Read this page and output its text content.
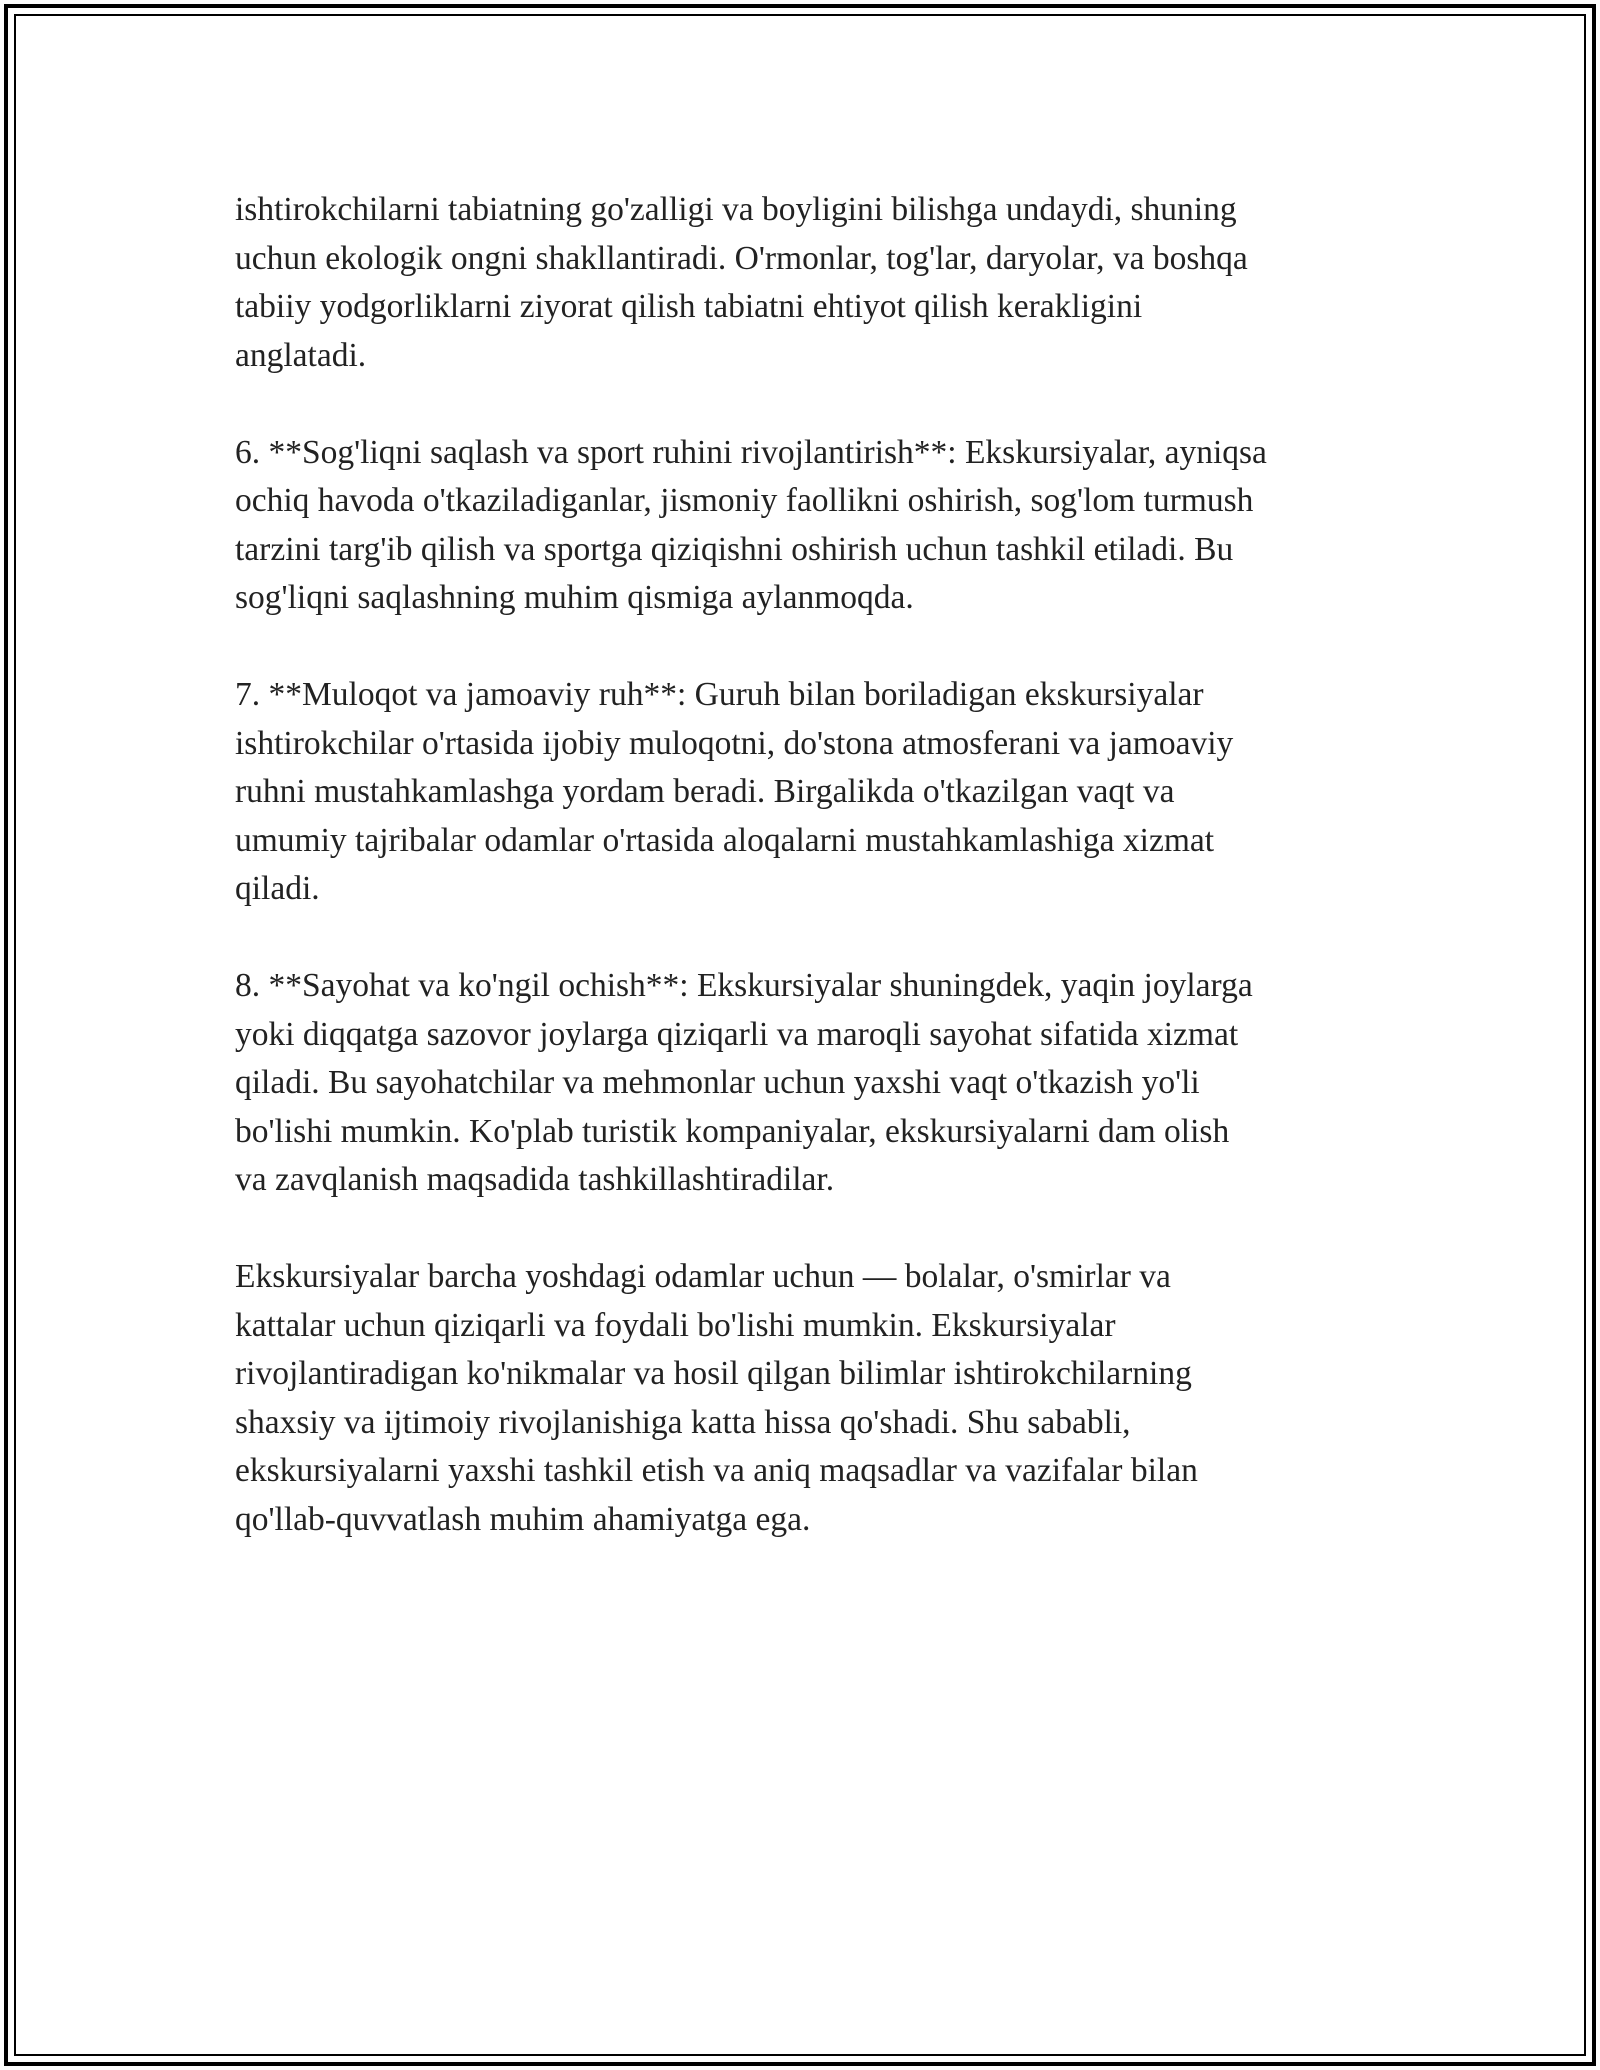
ishtirokchilarni tabiatning go'zalligi va boyligini bilishga undaydi, shuning
uchun ekologik ongni shakllantiradi. O'rmonlar, tog'lar, daryolar, va boshqa
tabiiy yodgorliklarni ziyorat qilish tabiatni ehtiyot qilish kerakligini
anglatadi.

6. **Sog'liqni saqlash va sport ruhini rivojlantirish**: Ekskursiyalar, ayniqsa
ochiq havoda o'tkaziladiganlar, jismoniy faollikni oshirish, sog'lom turmush
tarzini targ'ib qilish va sportga qiziqishni oshirish uchun tashkil etiladi. Bu
sog'liqni saqlashning muhim qismiga aylanmoqda.

7. **Muloqot va jamoaviy ruh**: Guruh bilan boriladigan ekskursiyalar
ishtirokchilar o'rtasida ijobiy muloqotni, do'stona atmosferani va jamoaviy
ruhni mustahkamlashga yordam beradi. Birgalikda o'tkazilgan vaqt va
umumiy tajribalar odamlar o'rtasida aloqalarni mustahkamlashiga xizmat
qiladi.

8. **Sayohat va ko'ngil ochish**: Ekskursiyalar shuningdek, yaqin joylarga
yoki diqqatga sazovor joylarga qiziqarli va maroqli sayohat sifatida xizmat
qiladi. Bu sayohatchilar va mehmonlar uchun yaxshi vaqt o'tkazish yo'li
bo'lishi mumkin. Ko'plab turistik kompaniyalar, ekskursiyalarni dam olish
va zavqlanish maqsadida tashkillashtiradilar.

Ekskursiyalar barcha yoshdagi odamlar uchun — bolalar, o'smirlar va
kattalar uchun qiziqarli va foydali bo'lishi mumkin. Ekskursiyalar
rivojlantiradigan ko'nikmalar va hosil qilgan bilimlar ishtirokchilarning
shaxsiy va ijtimoiy rivojlanishiga katta hissa qo'shadi. Shu sababli,
ekskursiyalarni yaxshi tashkil etish va aniq maqsadlar va vazifalar bilan
qo'llab-quvvatlash muhim ahamiyatga ega.
